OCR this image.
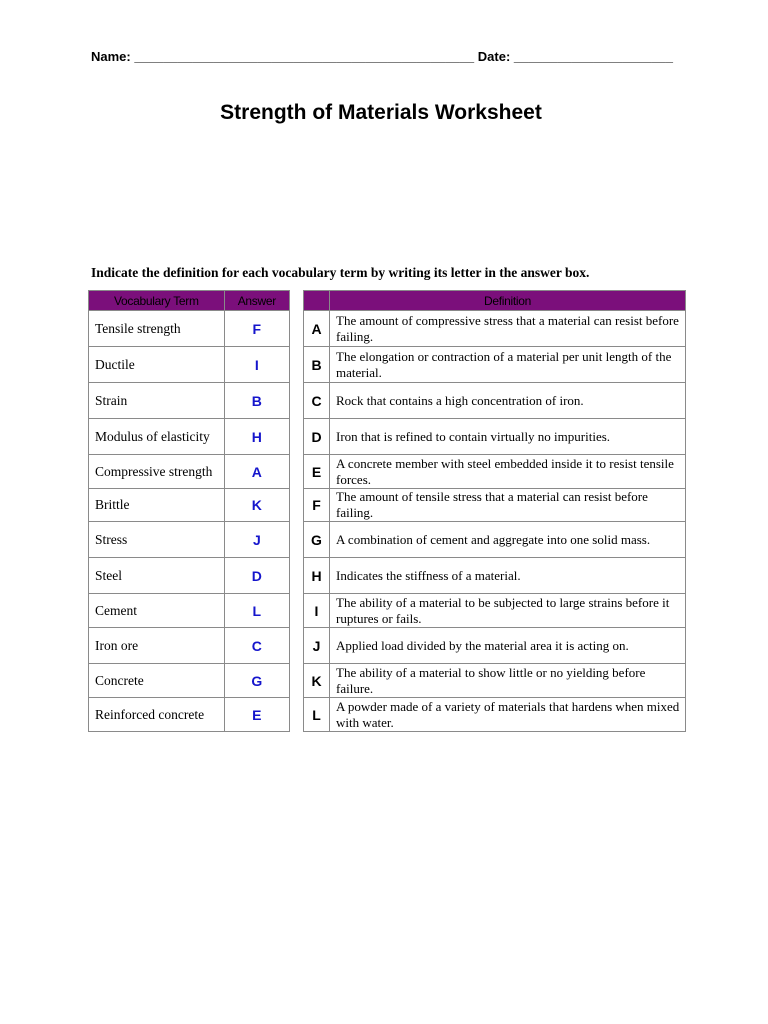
Name: _______________________________________________ Date: ______________________
Strength of Materials Worksheet
Indicate the definition for each vocabulary term by writing its letter in the answer box.
Vocabulary Term	Answer
Tensile strength	F
Ductile	I
Strain	B
Modulus of elasticity	H
Compressive strength	A
Brittle	K
Stress	J
Steel	D
Cement	L
Iron ore	C
Concrete	G
Reinforced concrete	E
	Definition
A	The amount of compressive stress that a material can resist before failing.
B	The elongation or contraction of a material per unit length of the material.
C	Rock that contains a high concentration of iron.
D	Iron that is refined to contain virtually no impurities.
E	A concrete member with steel embedded inside it to resist tensile forces.
F	The amount of tensile stress that a material can resist before failing.
G	A combination of cement and aggregate into one solid mass.
H	Indicates the stiffness of a material.
I	The ability of a material to be subjected to large strains before it ruptures or fails.
J	Applied load divided by the material area it is acting on.
K	The ability of a material to show little or no yielding before failure.
L	A powder made of a variety of materials that hardens when mixed with water.
